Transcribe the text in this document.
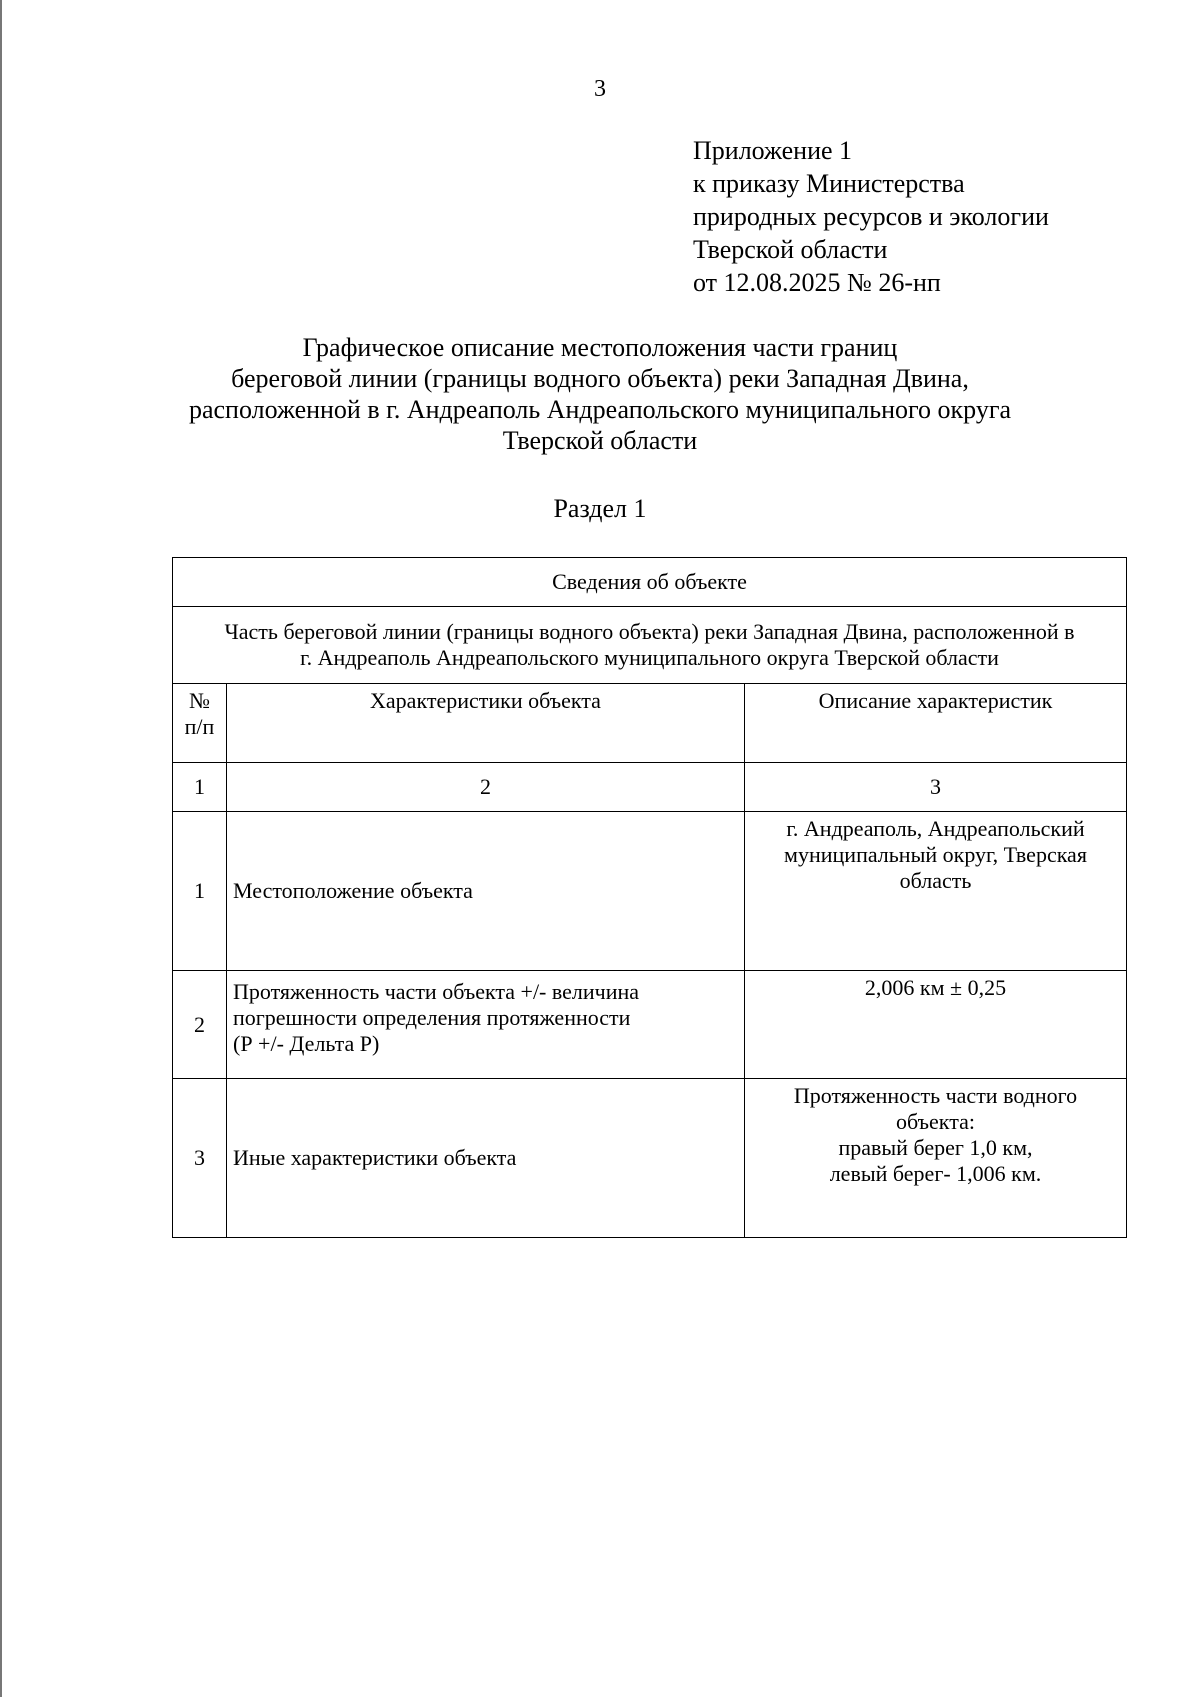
3
Приложение 1
к приказу Министерства
природных ресурсов и экологии
Тверской области
от 12.08.2025 № 26-нп
Графическое описание местоположения части границ
береговой линии (границы водного объекта) реки Западная Двина,
расположенной в г. Андреаполь Андреапольского муниципального округа
Тверской области
Раздел 1
Сведения об объекте		

Часть береговой линии (границы водного объекта) реки Западная Двина, расположенной в
г. Андреаполь Андреапольского муниципального округа Тверской области		

№
п/п	Характеристики объекта	Описание характеристик
1	2	3
1	Местоположение объекта	г. Андреаполь, Андреапольский
муниципальный округ, Тверская
область

2	Протяженность части объекта +/- величина
погрешности определения протяженности
(Р +/- Дельта Р)	2,006 км ± 0,25

3	Иные характеристики объекта	Протяженность части водного
объекта:
правый берег 1,0 км,
левый берег- 1,006 км.
